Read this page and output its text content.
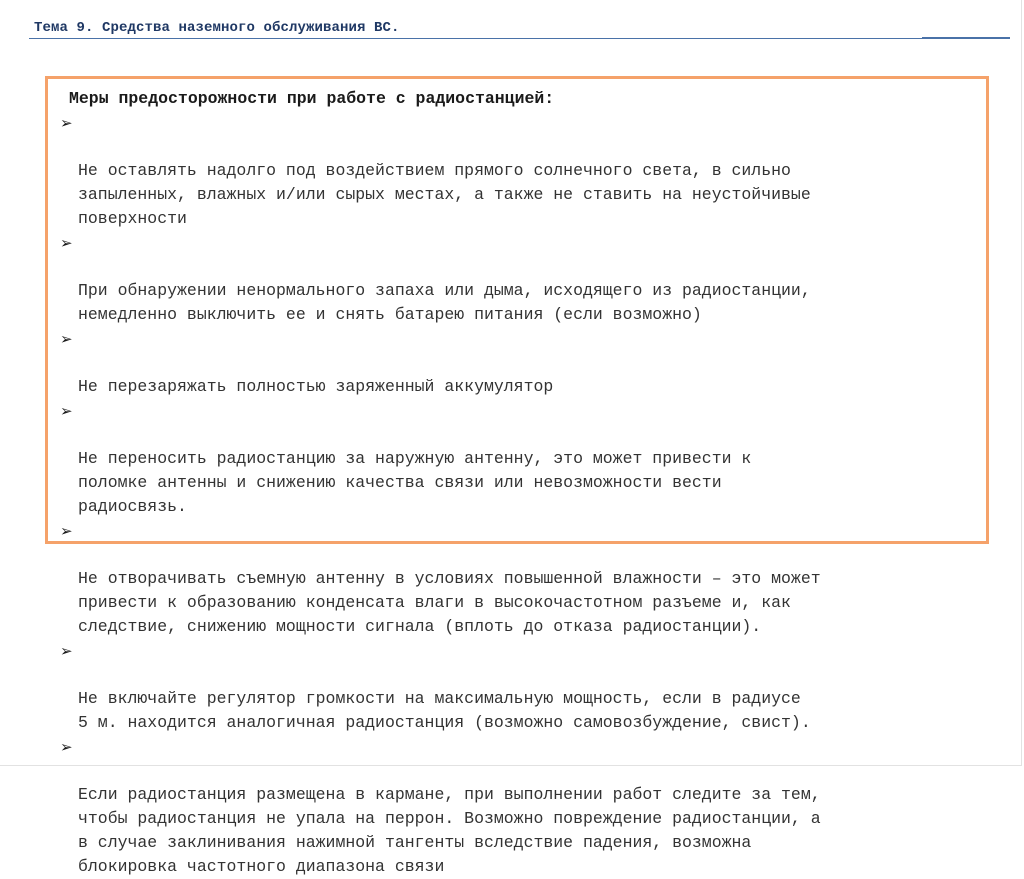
Тема 9. Средства наземного обслуживания ВС.
Меры предосторожности при работе с радиостанцией:

➢

Не оставлять надолго под воздействием прямого солнечного света, в сильно
запыленных, влажных и/или сырых местах, а также не ставить на неустойчивые
поверхности

➢

При обнаружении ненормального запаха или дыма, исходящего из радиостанции,
немедленно выключить ее и снять батарею питания (если возможно)

➢

Не перезаряжать полностью заряженный аккумулятор

➢

Не переносить радиостанцию за наружную антенну, это может привести к
поломке антенны и снижению качества связи или невозможности вести
радиосвязь.

➢

Не отворачивать съемную антенну в условиях повышенной влажности – это может
привести к образованию конденсата влаги в высокочастотном разъеме и, как
следствие, снижению мощности сигнала (вплоть до отказа радиостанции).

➢

Не включайте регулятор громкости на максимальную мощность, если в радиусе
5 м. находится аналогичная радиостанция (возможно самовозбуждение, свист).

➢

Если радиостанция размещена в кармане, при выполнении работ следите за тем,
чтобы радиостанция не упала на перрон. Возможно повреждение радиостанции, а
в случае заклинивания нажимной тангенты вследствие падения, возможна
блокировка частотного диапазона связи
